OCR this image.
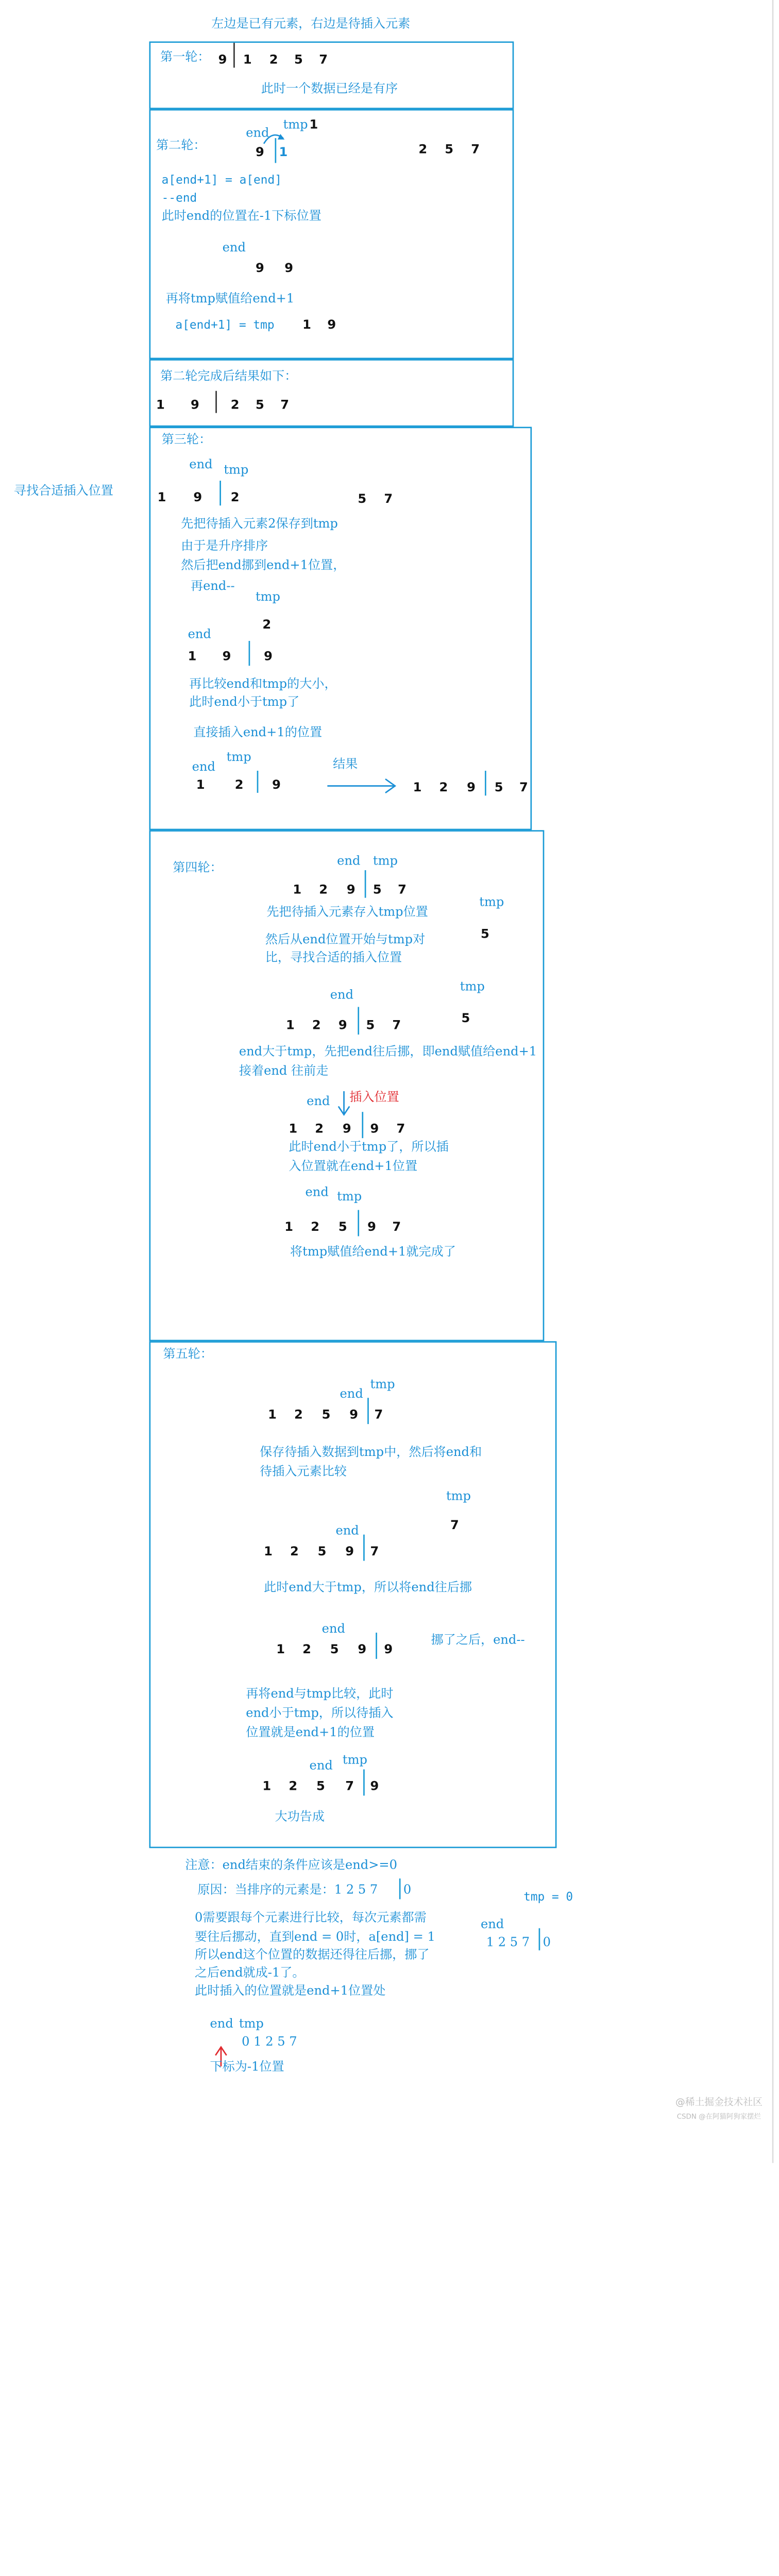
左边是已有元素，右边是待插入元素
寻找合适插入位置
第一轮： 9	1	2	5	7
此时一个数据已经是有序
第二轮：
end
tmp 1
9	1	2	5	7
a[end+1] = a[end]
--end
此时end的位置在-1下标位置
end
9	9
再将tmp赋值给end+1
a[end+1] = tmp	1	9
第二轮完成后结果如下：
1	9	2	5	7
第三轮：
end tmp
1	9	2	5	7
先把待插入元素2保存到tmp
由于是升序排序
然后把end挪到end+1位置，
再end--
tmp
2
end
1	9	9
再比较end和tmp的大小，
此时end小于tmp了
直接插入end+1的位置
tmp
end
1	2	9
结果
1	2	9	5	7
第四轮：	end	tmp
1	2	9	5	7
先把待插入元素存入tmp位置
tmp
5
然后从end位置开始与tmp对
比，寻找合适的插入位置
end
tmp
5
1	2	9	5	7
end大于tmp，先把end往后挪，即end赋值给end+1
接着end 往前走
end	插入位置
1	2	9	9	7
此时end小于tmp了，所以插
入位置就在end+1位置
end tmp
1	2	5	9	7
将tmp赋值给end+1就完成了
第五轮：
tmp
end
1	2	5	9	7
保存待插入数据到tmp中，然后将end和
待插入元素比较
tmp
7
end
1	2	5	9	7
此时end大于tmp，所以将end往后挪
end
1	2	5	9	9
挪了之后，end--
再将end与tmp比较，此时
end小于tmp，所以待插入
位置就是end+1的位置
tmp
end
1	2	5	7	9
大功告成
注意：end结束的条件应该是end>=0
原因：当排序的元素是：1 2 5 7	0	tmp = 0
end
1 2 5 7	0
0需要跟每个元素进行比较，每次元素都需
要往后挪动，直到end = 0时，a[end] = 1
所以end这个位置的数据还得往后挪，挪了
之后end就成-1了。
此时插入的位置就是end+1位置处
end tmp
0 1 2 5 7
下标为-1位置
@稀土掘金技术社区
CSDN @在阿猫阿狗家摆烂
